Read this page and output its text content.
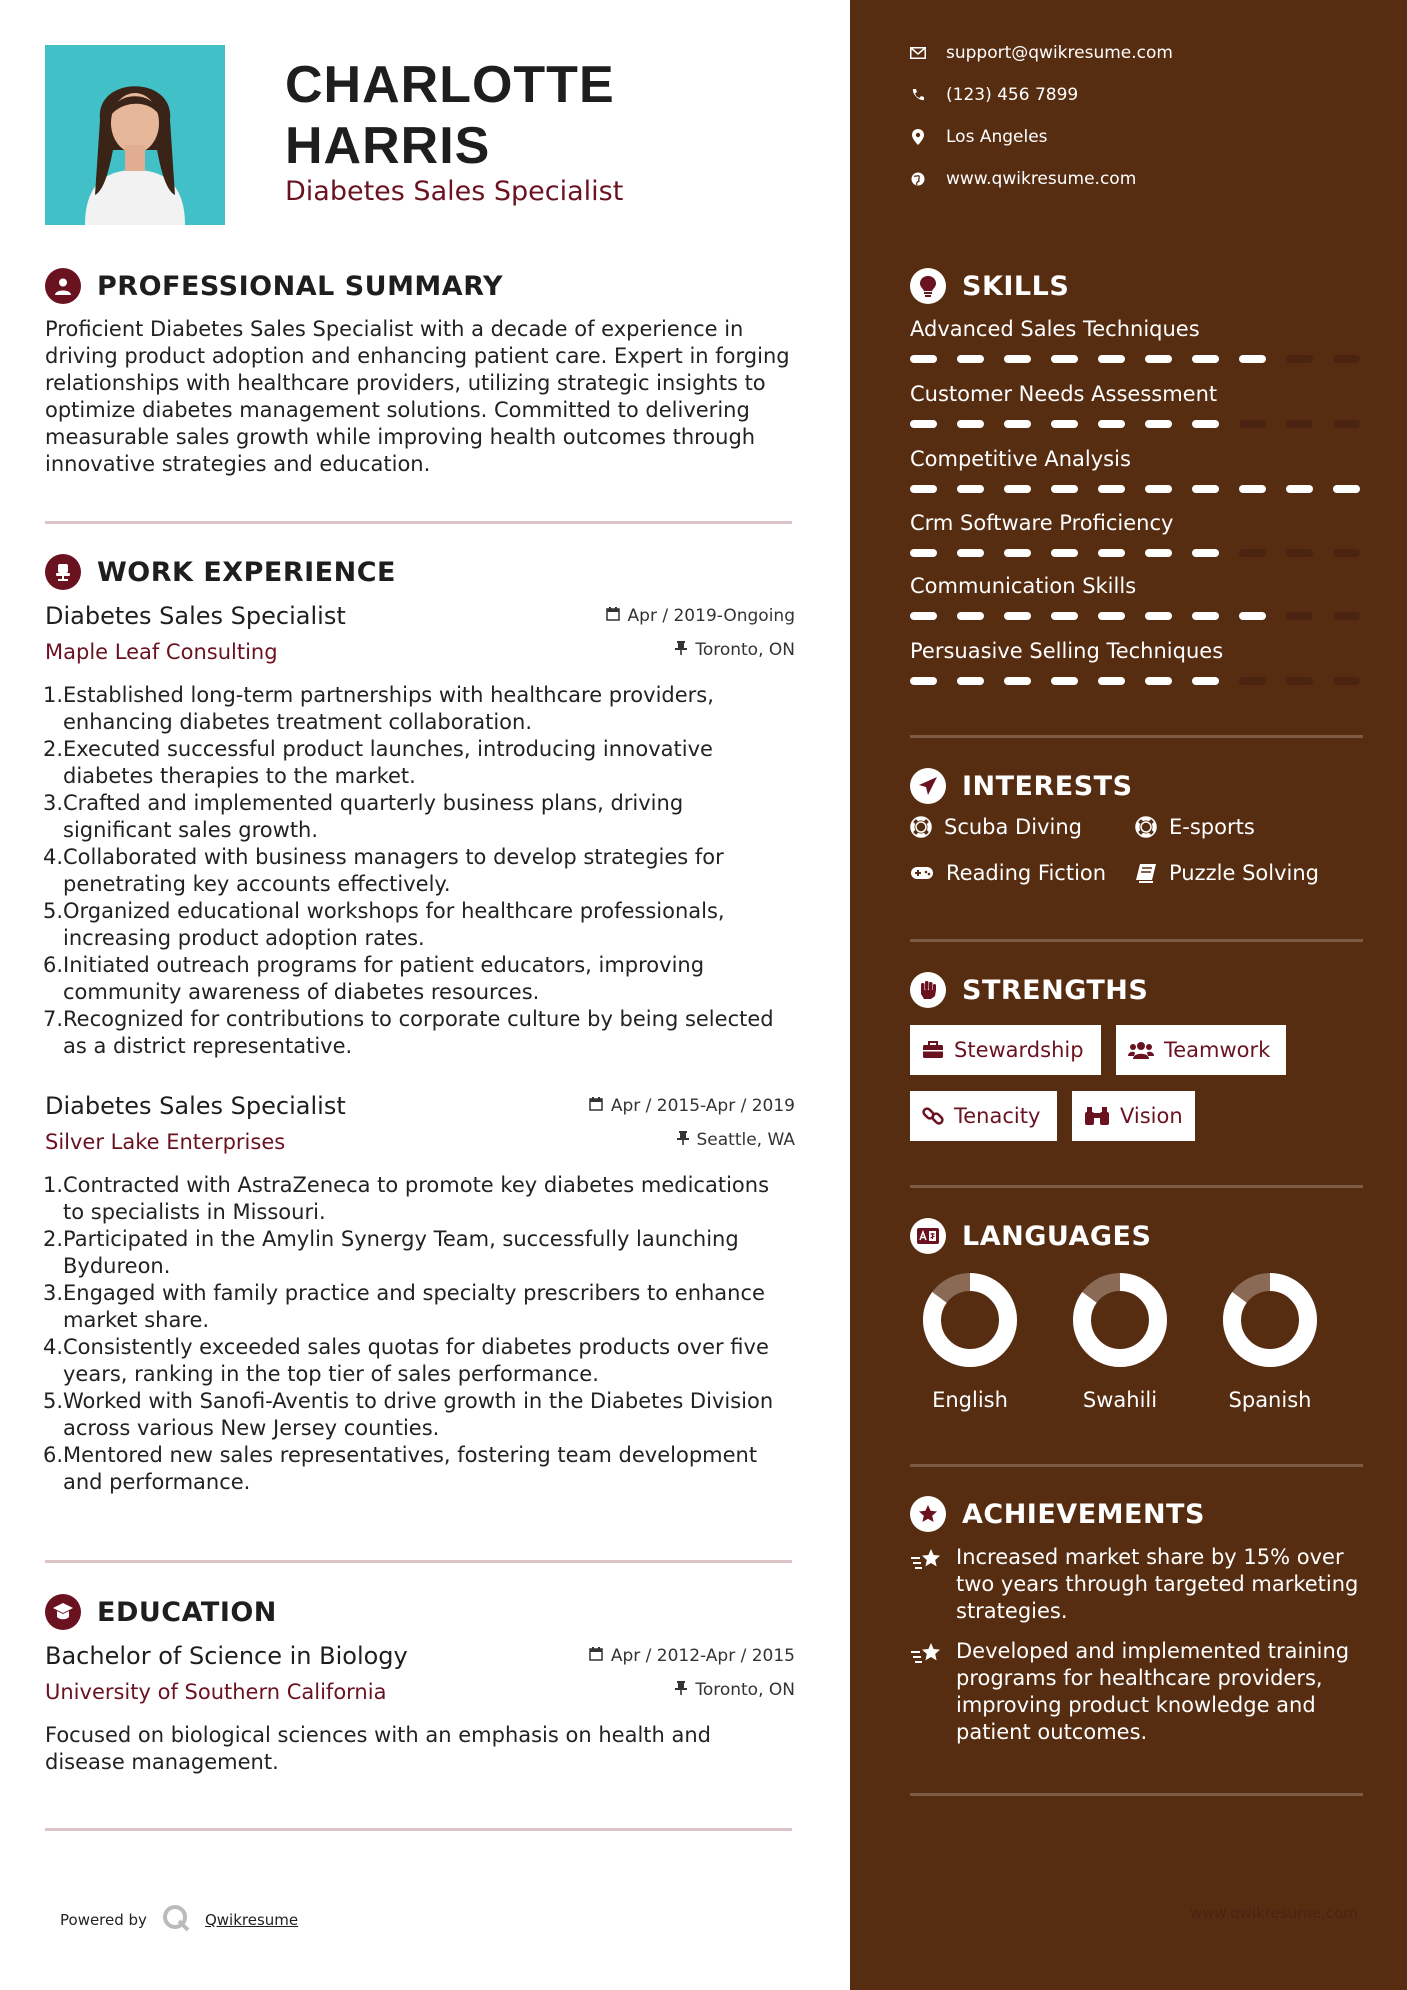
CHARLOTTE
HARRIS
Diabetes Sales Specialist
PROFESSIONAL SUMMARY
Proficient Diabetes Sales Specialist with a decade of experience in driving product adoption and enhancing patient care. Expert in forging relationships with healthcare providers, utilizing strategic insights to optimize diabetes management solutions. Committed to delivering measurable sales growth while improving health outcomes through innovative strategies and education.
WORK EXPERIENCE
Diabetes Sales Specialist
Maple Leaf Consulting
Apr / 2019-Ongoing
Toronto, ON
1. Established long-term partnerships with healthcare providers, enhancing diabetes treatment collaboration.
2. Executed successful product launches, introducing innovative diabetes therapies to the market.
3. Crafted and implemented quarterly business plans, driving significant sales growth.
4. Collaborated with business managers to develop strategies for penetrating key accounts effectively.
5. Organized educational workshops for healthcare professionals, increasing product adoption rates.
6. Initiated outreach programs for patient educators, improving community awareness of diabetes resources.
7. Recognized for contributions to corporate culture by being selected as a district representative.
Diabetes Sales Specialist
Silver Lake Enterprises
Apr / 2015-Apr / 2019
Seattle, WA
1. Contracted with AstraZeneca to promote key diabetes medications to specialists in Missouri.
2. Participated in the Amylin Synergy Team, successfully launching Bydureon.
3. Engaged with family practice and specialty prescribers to enhance market share.
4. Consistently exceeded sales quotas for diabetes products over five years, ranking in the top tier of sales performance.
5. Worked with Sanofi-Aventis to drive growth in the Diabetes Division across various New Jersey counties.
6. Mentored new sales representatives, fostering team development and performance.
EDUCATION
Bachelor of Science in Biology
University of Southern California
Apr / 2012-Apr / 2015
Toronto, ON
Focused on biological sciences with an emphasis on health and disease management.
Powered by	Qwikresume	www.qwikresume.com
support@qwikresume.com
(123) 456 7899
Los Angeles
www.qwikresume.com
SKILLS
Advanced Sales Techniques
Customer Needs Assessment
Competitive Analysis
Crm Software Proficiency
Communication Skills
Persuasive Selling Techniques
INTERESTS
Scuba Diving	E-sports
Reading Fiction	Puzzle Solving
STRENGTHS
Stewardship	Teamwork
Tenacity	Vision
LANGUAGES
English	Swahili	Spanish
ACHIEVEMENTS
Increased market share by 15% over two years through targeted marketing strategies.
Developed and implemented training programs for healthcare providers, improving product knowledge and patient outcomes.
